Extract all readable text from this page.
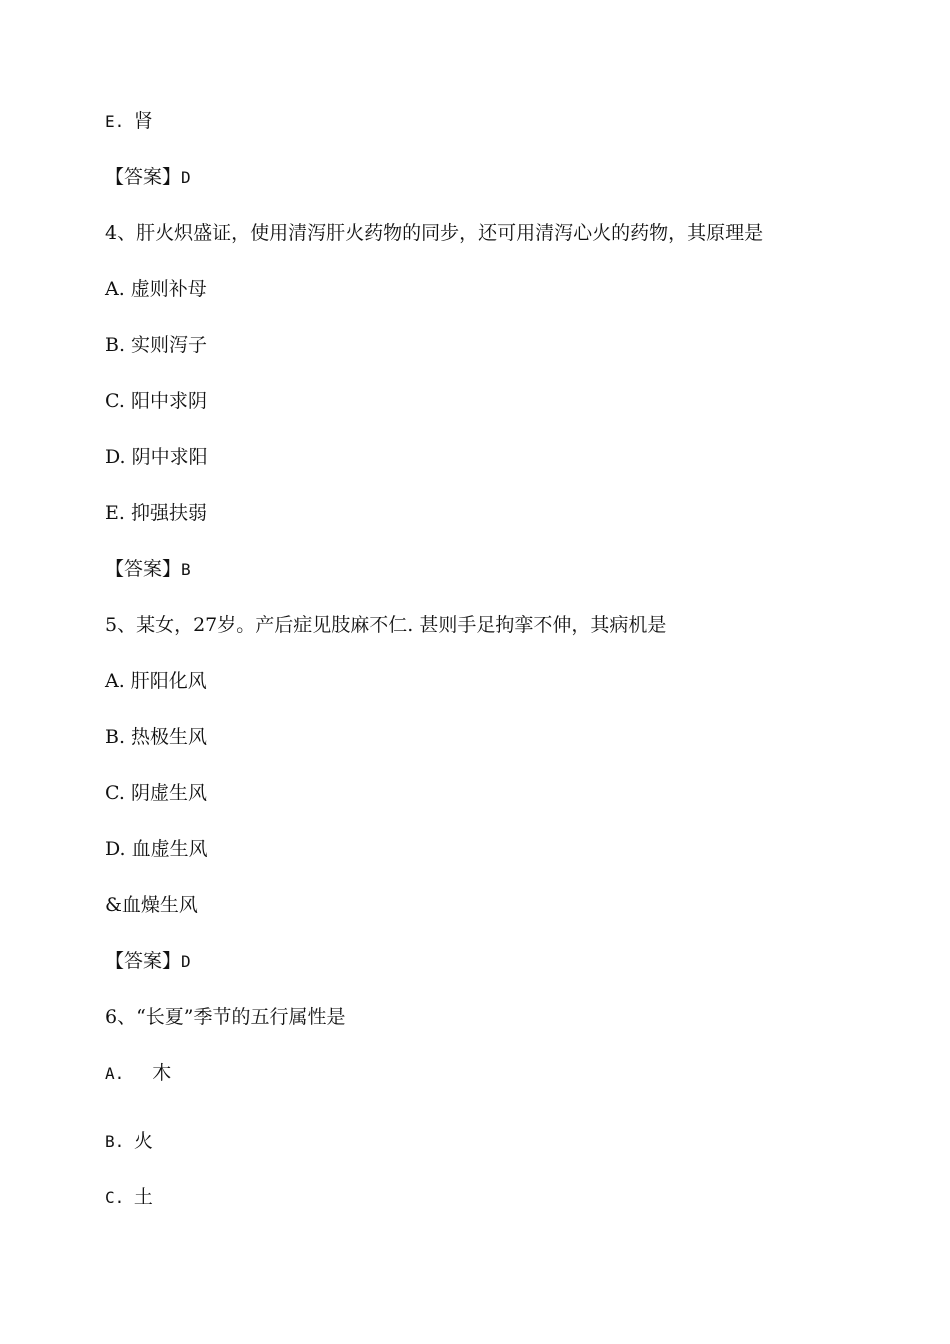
E. 肾
【答案】D
4、肝火炽盛证，使用清泻肝火药物的同步，还可用清泻心火的药物，其原理是
A. 虚则补母
B. 实则泻子
C. 阳中求阴
D. 阴中求阳
E. 抑强扶弱
【答案】B
5、某女，27岁。产后症见肢麻不仁. 甚则手足拘挛不伸，其病机是
A. 肝阳化风
B. 热极生风
C. 阴虚生风
D. 血虚生风
&血燥生风
【答案】D
6、“长夏”季节的五行属性是
A. 木
B. 火
C. 土
